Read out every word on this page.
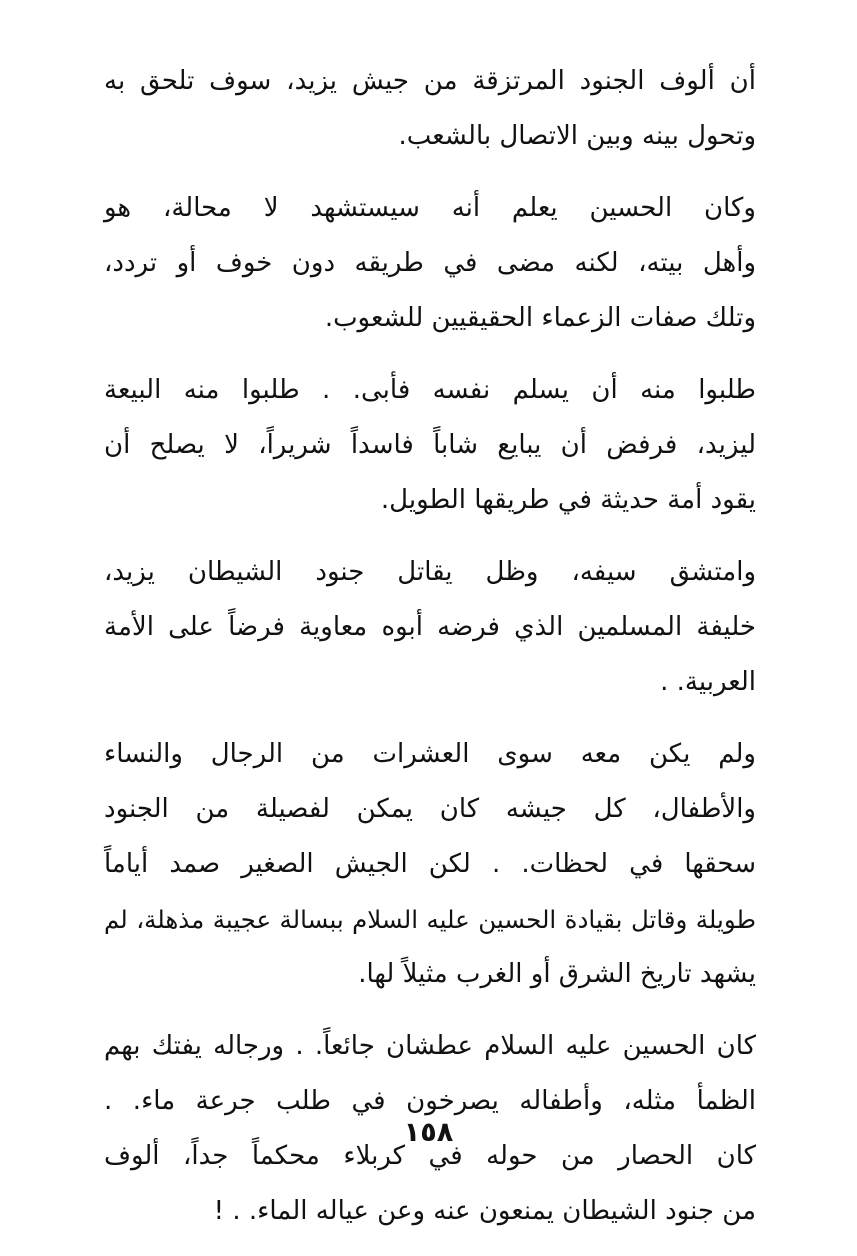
أن ألوف الجنود المرتزقة من جيش يزيد، سوف تلحق به
وتحول بينه وبين الاتصال بالشعب.

وكان الحسين يعلم أنه سيستشهد لا محالة، هو
وأهل بيته، لكنه مضى في طريقه دون خوف أو تردد،
وتلك صفات الزعماء الحقيقيين للشعوب.

طلبوا منه أن يسلم نفسه فأبى. . طلبوا منه البيعة
ليزيد، فرفض أن يبايع شاباً فاسداً شريراً، لا يصلح أن
يقود أمة حديثة في طريقها الطويل.

وامتشق سيفه، وظل يقاتل جنود الشيطان يزيد،
خليفة المسلمين الذي فرضه أبوه معاوية فرضاً على الأمة
العربية. .

ولم يكن معه سوى العشرات من الرجال والنساء
والأطفال، كل جيشه كان يمكن لفصيلة من الجنود
سحقها في لحظات. . لكن الجيش الصغير صمد أياماً
طويلة وقاتل بقيادة الحسين عليه السلام ببسالة عجيبة مذهلة، لم
يشهد تاريخ الشرق أو الغرب مثيلاً لها.

كان الحسين عليه السلام عطشان جائعاً. . ورجاله يفتك بهم
الظمأ مثله، وأطفاله يصرخون في طلب جرعة ماء. .
كان الحصار من حوله في كربلاء محكماً جداً، ألوف
من جنود الشيطان يمنعون عنه وعن عياله الماء. . !

١٥٨
